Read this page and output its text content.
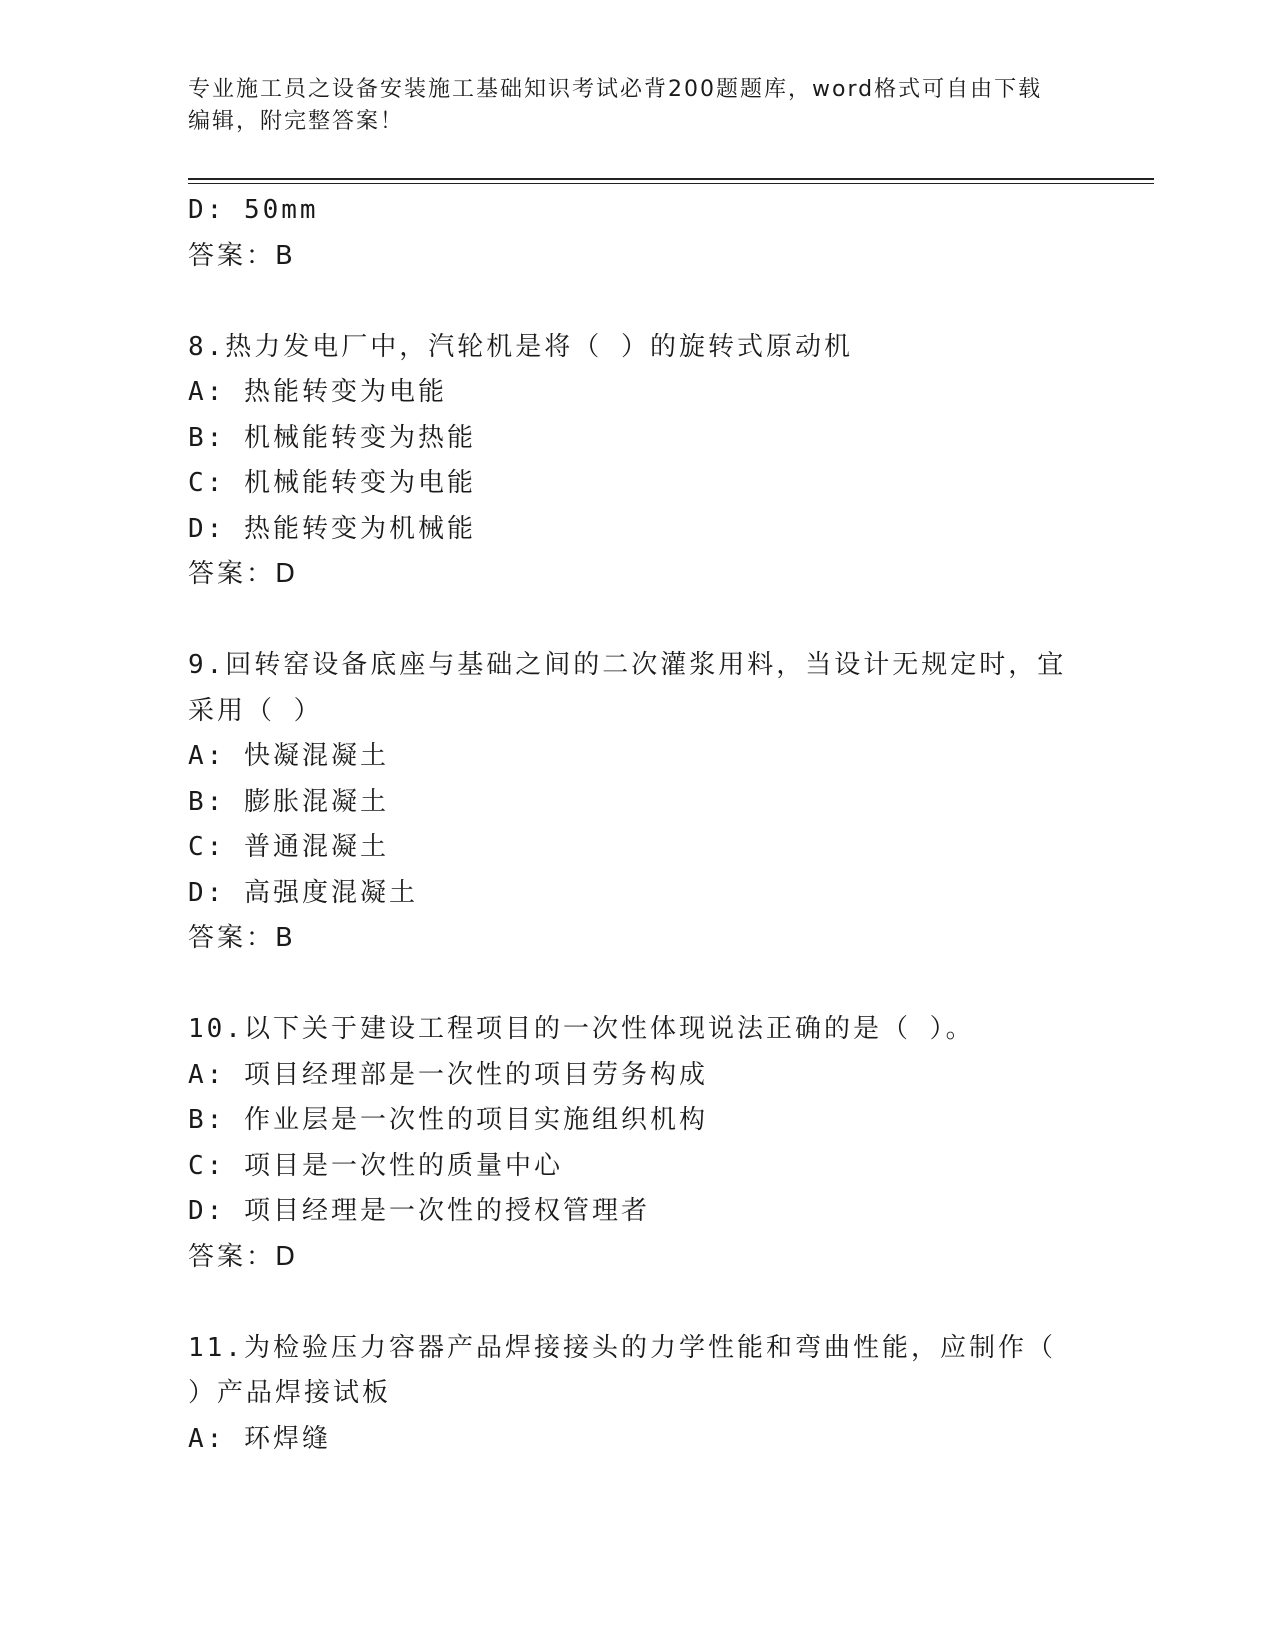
专业施工员之设备安装施工基础知识考试必背200题题库，word格式可自由下载
编辑，附完整答案！
D: 50mm
答案：B
8.热力发电厂中，汽轮机是将（ ）的旋转式原动机
A: 热能转变为电能
B: 机械能转变为热能
C: 机械能转变为电能
D: 热能转变为机械能
答案：D
9.回转窑设备底座与基础之间的二次灌浆用料，当设计无规定时，宜
采用（ ）
A: 快凝混凝土
B: 膨胀混凝土
C: 普通混凝土
D: 高强度混凝土
答案：B
10.以下关于建设工程项目的一次性体现说法正确的是（ ）。
A: 项目经理部是一次性的项目劳务构成
B: 作业层是一次性的项目实施组织机构
C: 项目是一次性的质量中心
D: 项目经理是一次性的授权管理者
答案：D
11.为检验压力容器产品焊接接头的力学性能和弯曲性能，应制作（
）产品焊接试板
A: 环焊缝
